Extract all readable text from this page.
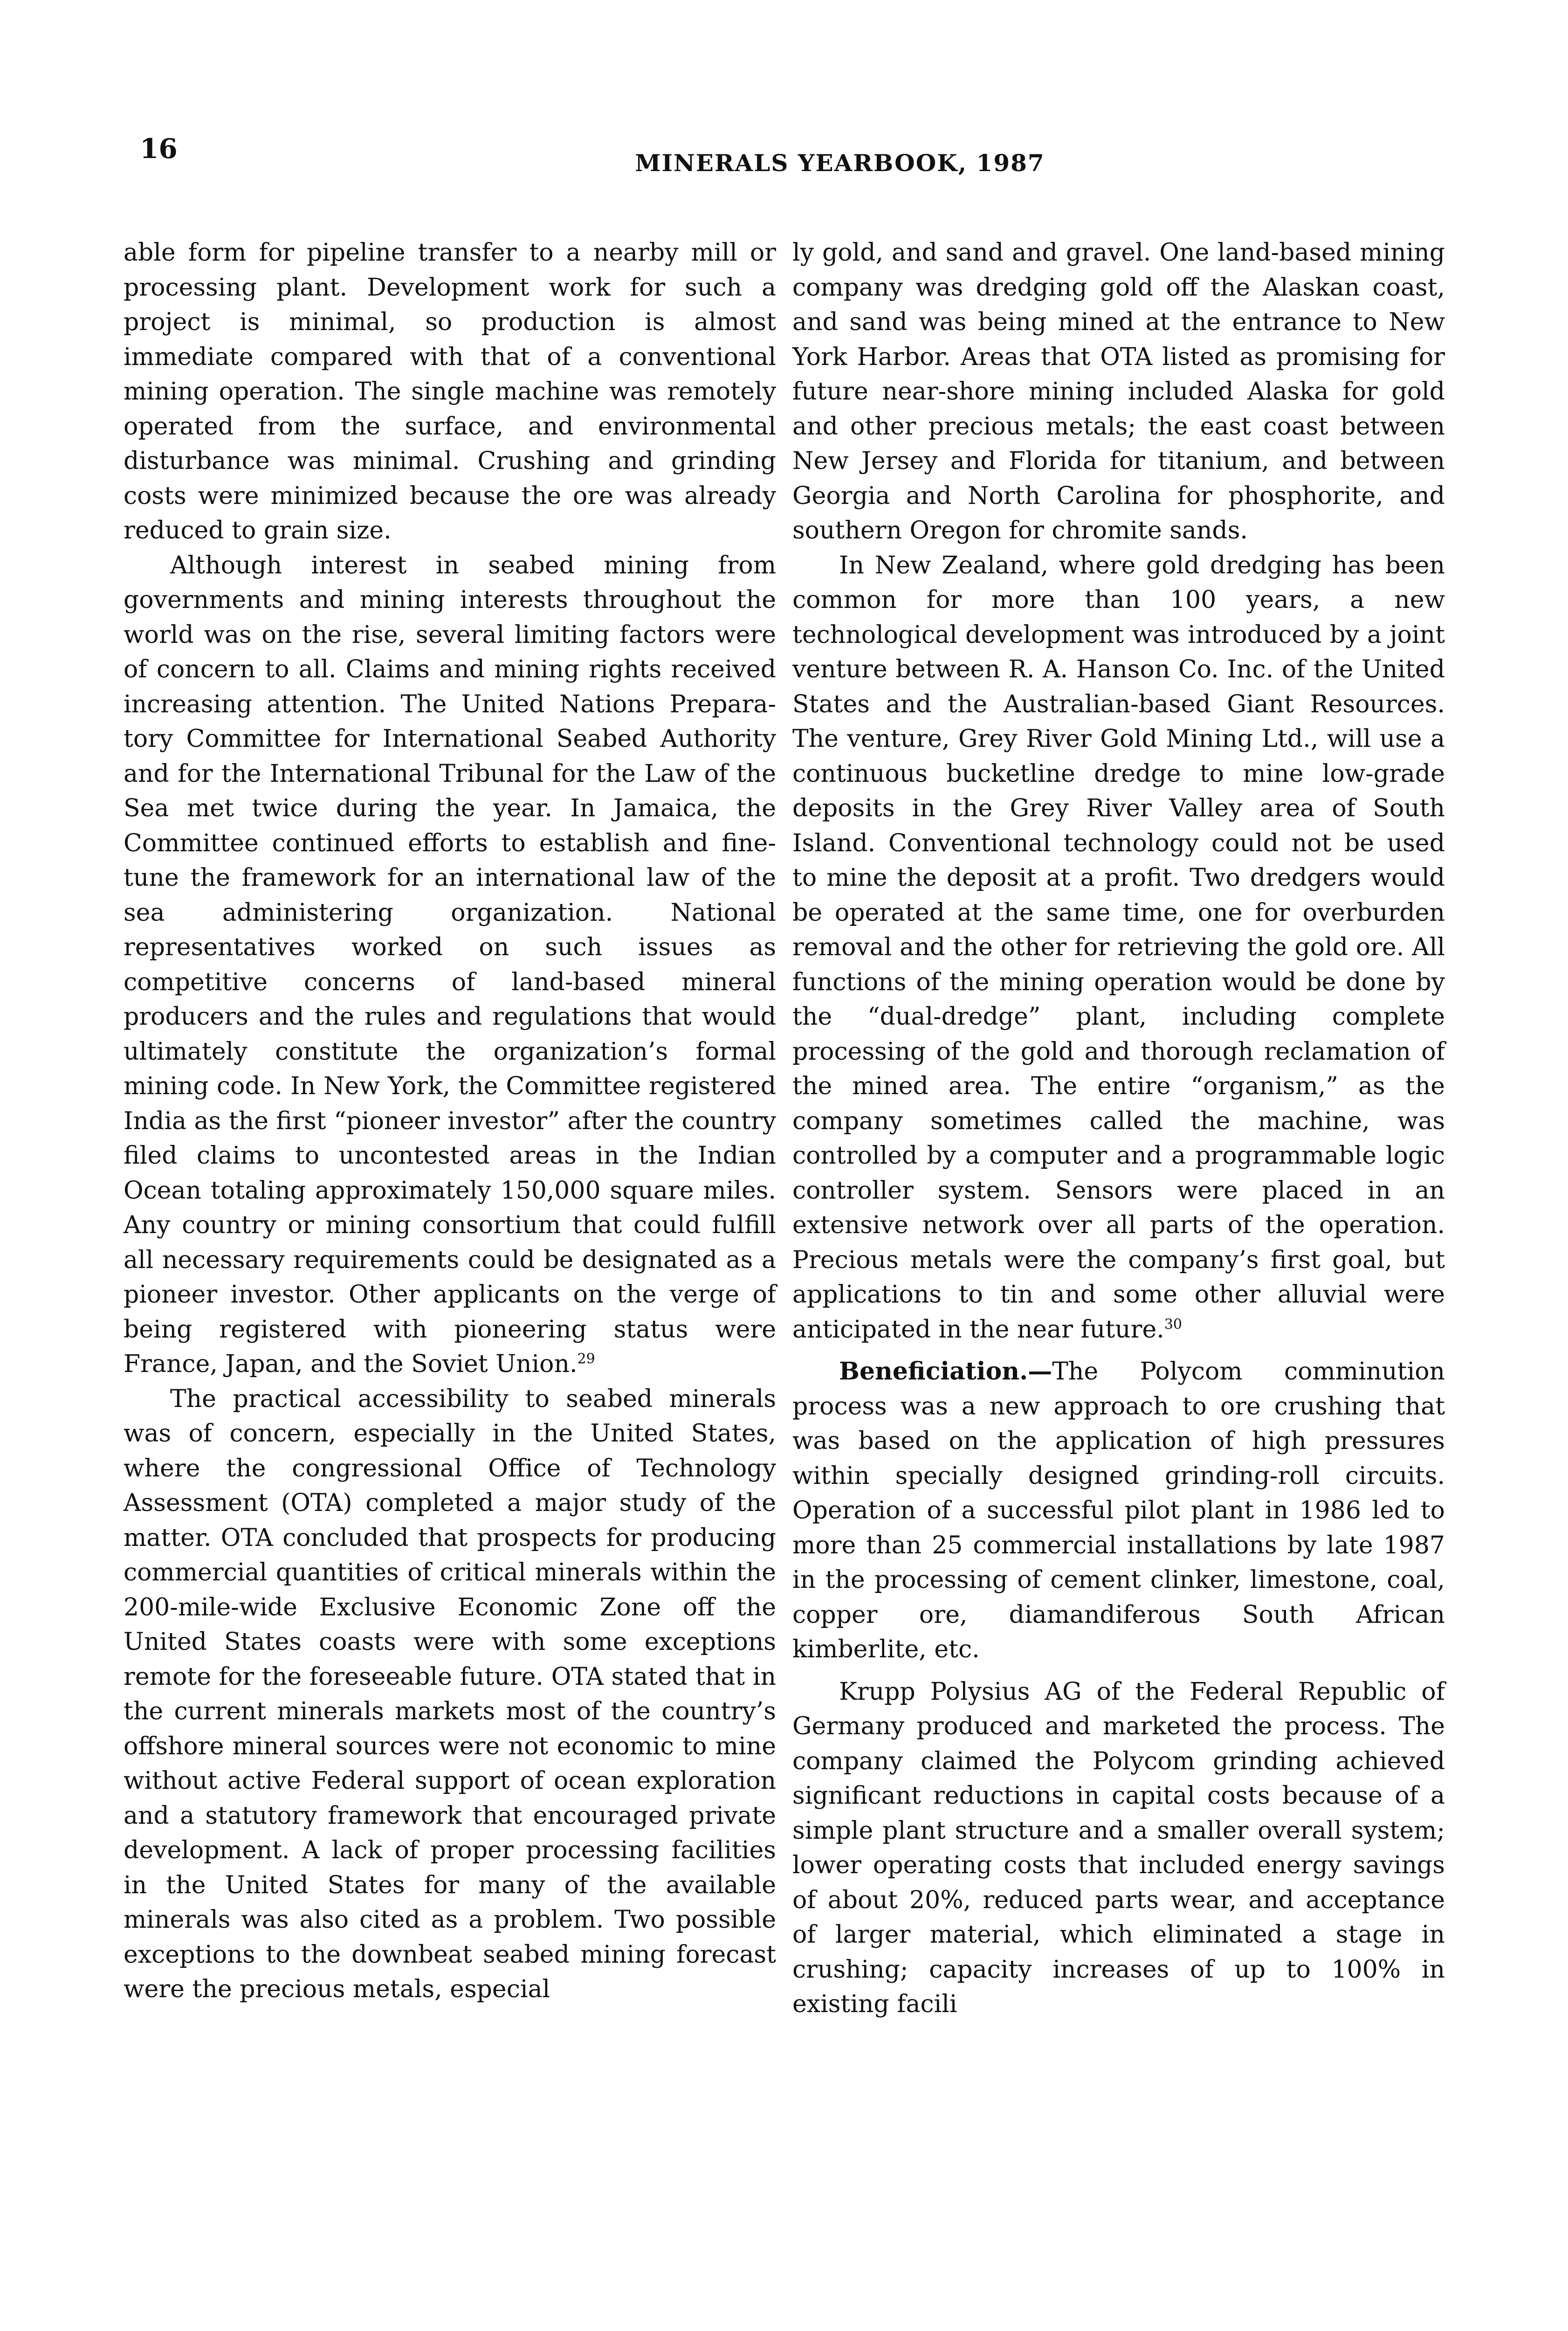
16	MINERALS YEARBOOK, 1987

able form for pipeline transfer to a nearby mill or processing plant. Development work for such a project is minimal, so production is almost immediate compared with that of a conventional mining operation. The single machine was remotely operated from the surface, and environmental disturbance was minimal. Crushing and grinding costs were minimized because the ore was already reduced to grain size.

Although interest in seabed mining from governments and mining interests throughout the world was on the rise, several limiting factors were of concern to all. Claims and mining rights received increasing attention. The United Nations Preparatory Committee for International Seabed Authority and for the International Tribunal for the Law of the Sea met twice during the year. In Jamaica, the Committee continued efforts to establish and fine-tune the framework for an international law of the sea administering organization. National representatives worked on such issues as competitive concerns of land-based mineral producers and the rules and regulations that would ultimately constitute the organization’s formal mining code. In New York, the Committee registered India as the first “pioneer investor” after the country filed claims to uncontested areas in the Indian Ocean totaling approximately 150,000 square miles. Any country or mining consortium that could fulfill all necessary requirements could be designated as a pioneer investor. Other applicants on the verge of being registered with pioneering status were France, Japan, and the Soviet Union.$^{29}$

The practical accessibility to seabed minerals was of concern, especially in the United States, where the congressional Office of Technology Assessment (OTA) completed a major study of the matter. OTA concluded that prospects for producing commercial quantities of critical minerals within the 200-mile-wide Exclusive Economic Zone off the United States coasts were with some exceptions remote for the foreseeable future. OTA stated that in the current minerals markets most of the country’s offshore mineral sources were not economic to mine without active Federal support of ocean exploration and a statutory framework that encouraged private development. A lack of proper processing facilities in the United States for many of the available minerals was also cited as a problem. Two possible exceptions to the downbeat seabed mining forecast were the precious metals, especial

ly gold, and sand and gravel. One land-based mining company was dredging gold off the Alaskan coast, and sand was being mined at the entrance to New York Harbor. Areas that OTA listed as promising for future near-shore mining included Alaska for gold and other precious metals; the east coast between New Jersey and Florida for titanium, and between Georgia and North Carolina for phosphorite, and southern Oregon for chromite sands.

In New Zealand, where gold dredging has been common for more than 100 years, a new technological development was introduced by a joint venture between R. A. Hanson Co. Inc. of the United States and the Australian-based Giant Resources. The venture, Grey River Gold Mining Ltd., will use a continuous bucketline dredge to mine low-grade deposits in the Grey River Valley area of South Island. Conventional technology could not be used to mine the deposit at a profit. Two dredgers would be operated at the same time, one for overburden removal and the other for retrieving the gold ore. All functions of the mining operation would be done by the “dual-dredge” plant, including complete processing of the gold and thorough reclamation of the mined area. The entire “organism,” as the company sometimes called the machine, was controlled by a computer and a programmable logic controller system. Sensors were placed in an extensive network over all parts of the operation. Precious metals were the company’s first goal, but applications to tin and some other alluvial were anticipated in the near future.$^{30}$

Beneficiation.—The Polycom comminution process was a new approach to ore crushing that was based on the application of high pressures within specially designed grinding-roll circuits. Operation of a successful pilot plant in 1986 led to more than 25 commercial installations by late 1987 in the processing of cement clinker, limestone, coal, copper ore, diamandiferous South African kimberlite, etc.

Krupp Polysius AG of the Federal Republic of Germany produced and marketed the process. The company claimed the Polycom grinding achieved significant reductions in capital costs because of a simple plant structure and a smaller overall system; lower operating costs that included energy savings of about 20%, reduced parts wear, and acceptance of larger material, which eliminated a stage in crushing; capacity increases of up to 100% in existing facili
